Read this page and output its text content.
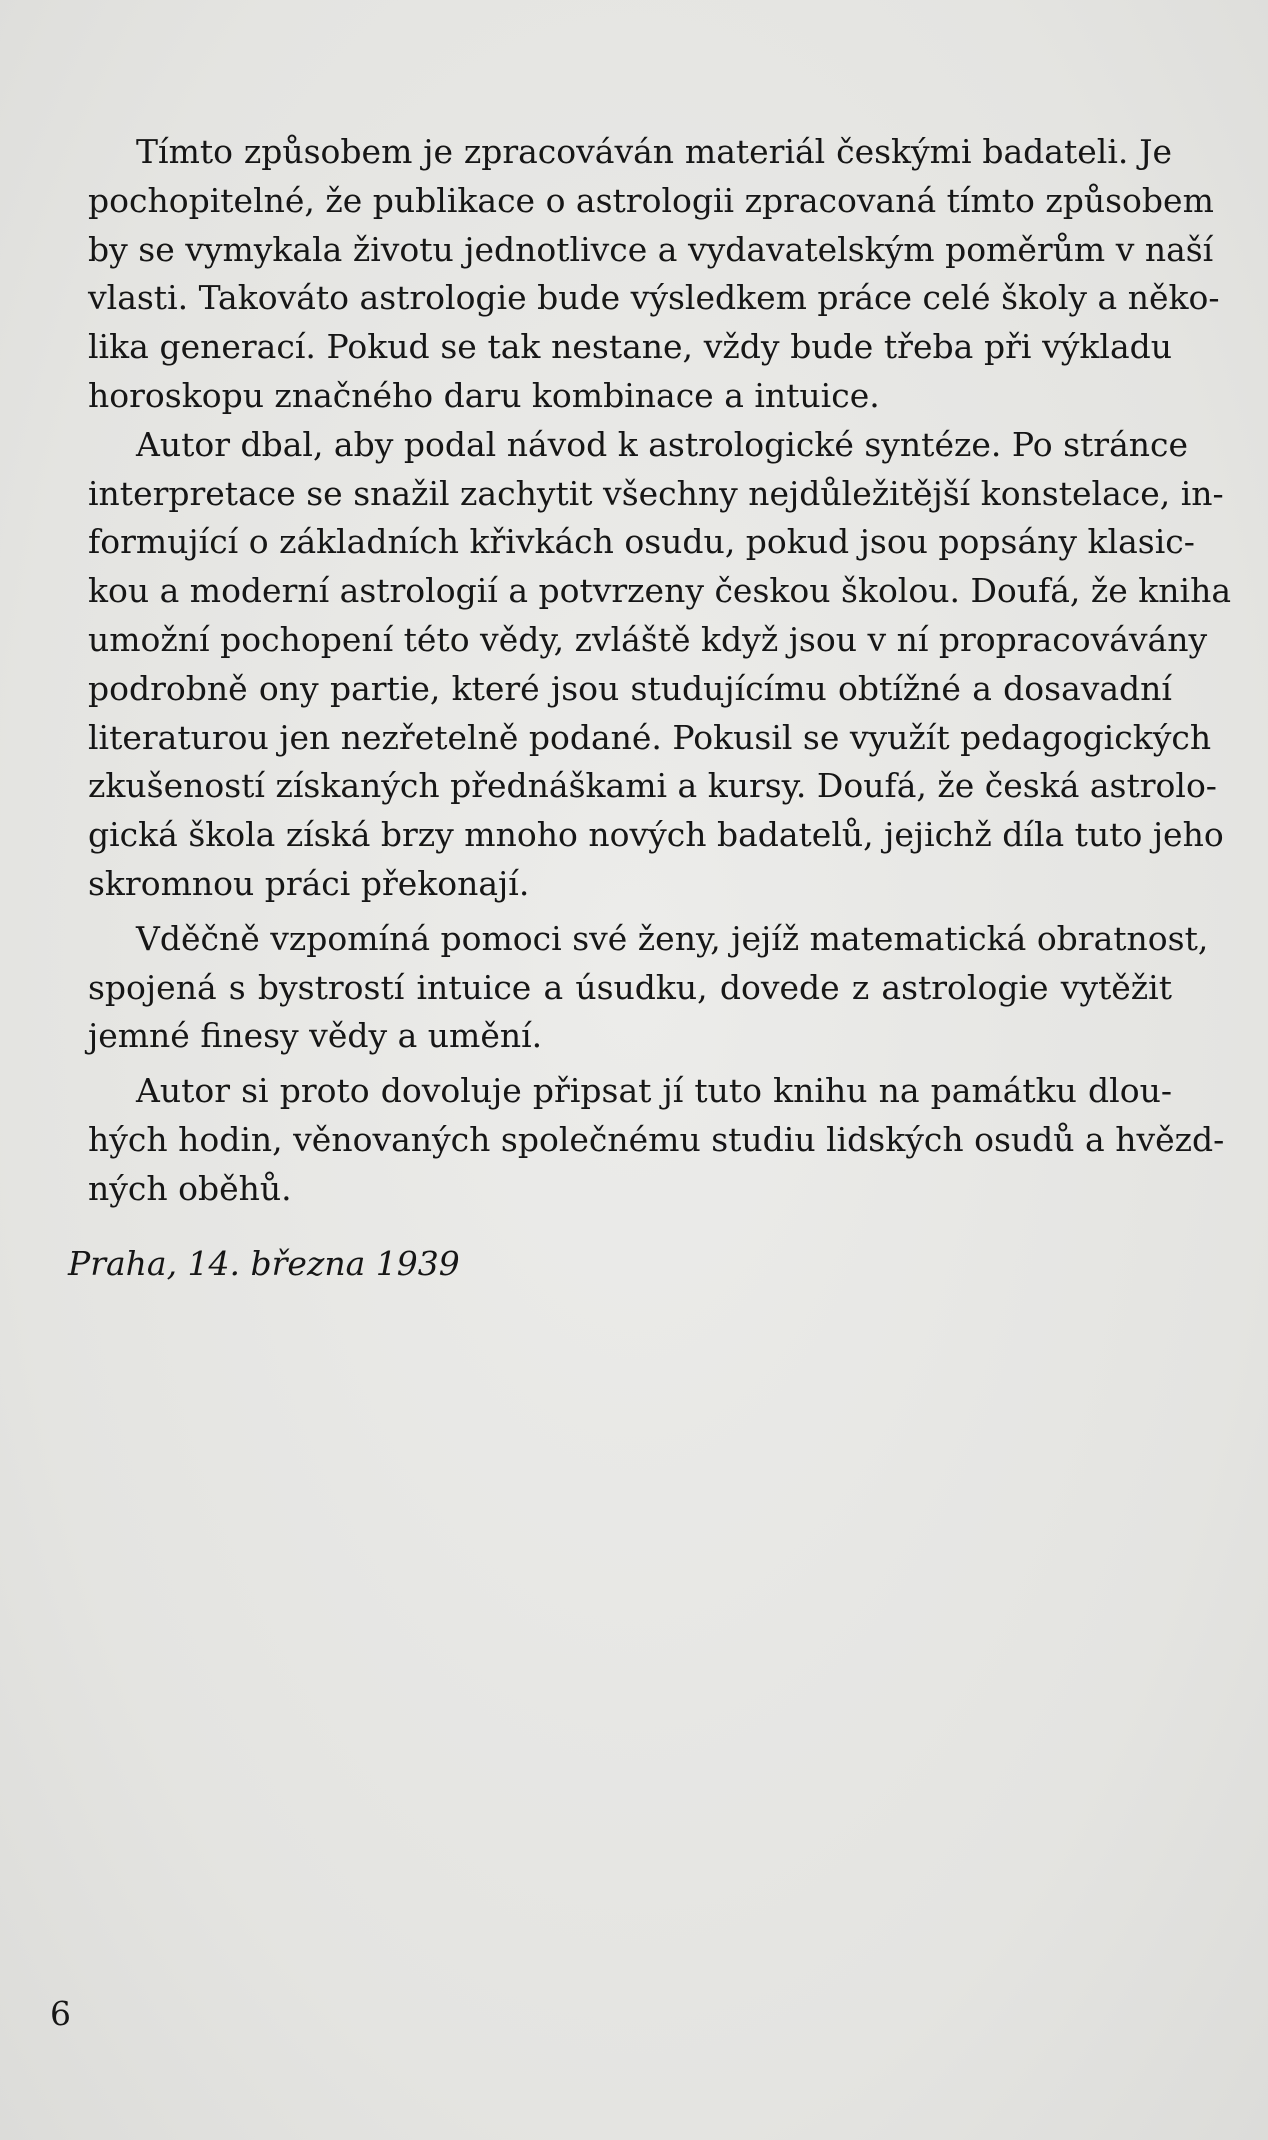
Tímto způsobem je zpracováván materiál českými badateli. Je
pochopitelné, že publikace o astrologii zpracovaná tímto způsobem
by se vymykala životu jednotlivce a vydavatelským poměrům v naší
vlasti. Takováto astrologie bude výsledkem práce celé školy a něko-
lika generací. Pokud se tak nestane, vždy bude třeba při výkladu
horoskopu značného daru kombinace a intuice.
Autor dbal, aby podal návod k astrologické syntéze. Po stránce
interpretace se snažil zachytit všechny nejdůležitější konstelace, in-
formující o základních křivkách osudu, pokud jsou popsány klasic-
kou a moderní astrologií a potvrzeny českou školou. Doufá, že kniha
umožní pochopení této vědy, zvláště když jsou v ní propracovávány
podrobně ony partie, které jsou studujícímu obtížné a dosavadní
literaturou jen nezřetelně podané. Pokusil se využít pedagogických
zkušeností získaných přednáškami a kursy. Doufá, že česká astrolo-
gická škola získá brzy mnoho nových badatelů, jejichž díla tuto jeho
skromnou práci překonají.
Vděčně vzpomíná pomoci své ženy, jejíž matematická obratnost,
spojená s bystrostí intuice a úsudku, dovede z astrologie vytěžit
jemné finesy vědy a umění.
Autor si proto dovoluje připsat jí tuto knihu na památku dlou-
hých hodin, věnovaných společnému studiu lidských osudů a hvězd-
ných oběhů.
Praha, 14. března 1939
6
